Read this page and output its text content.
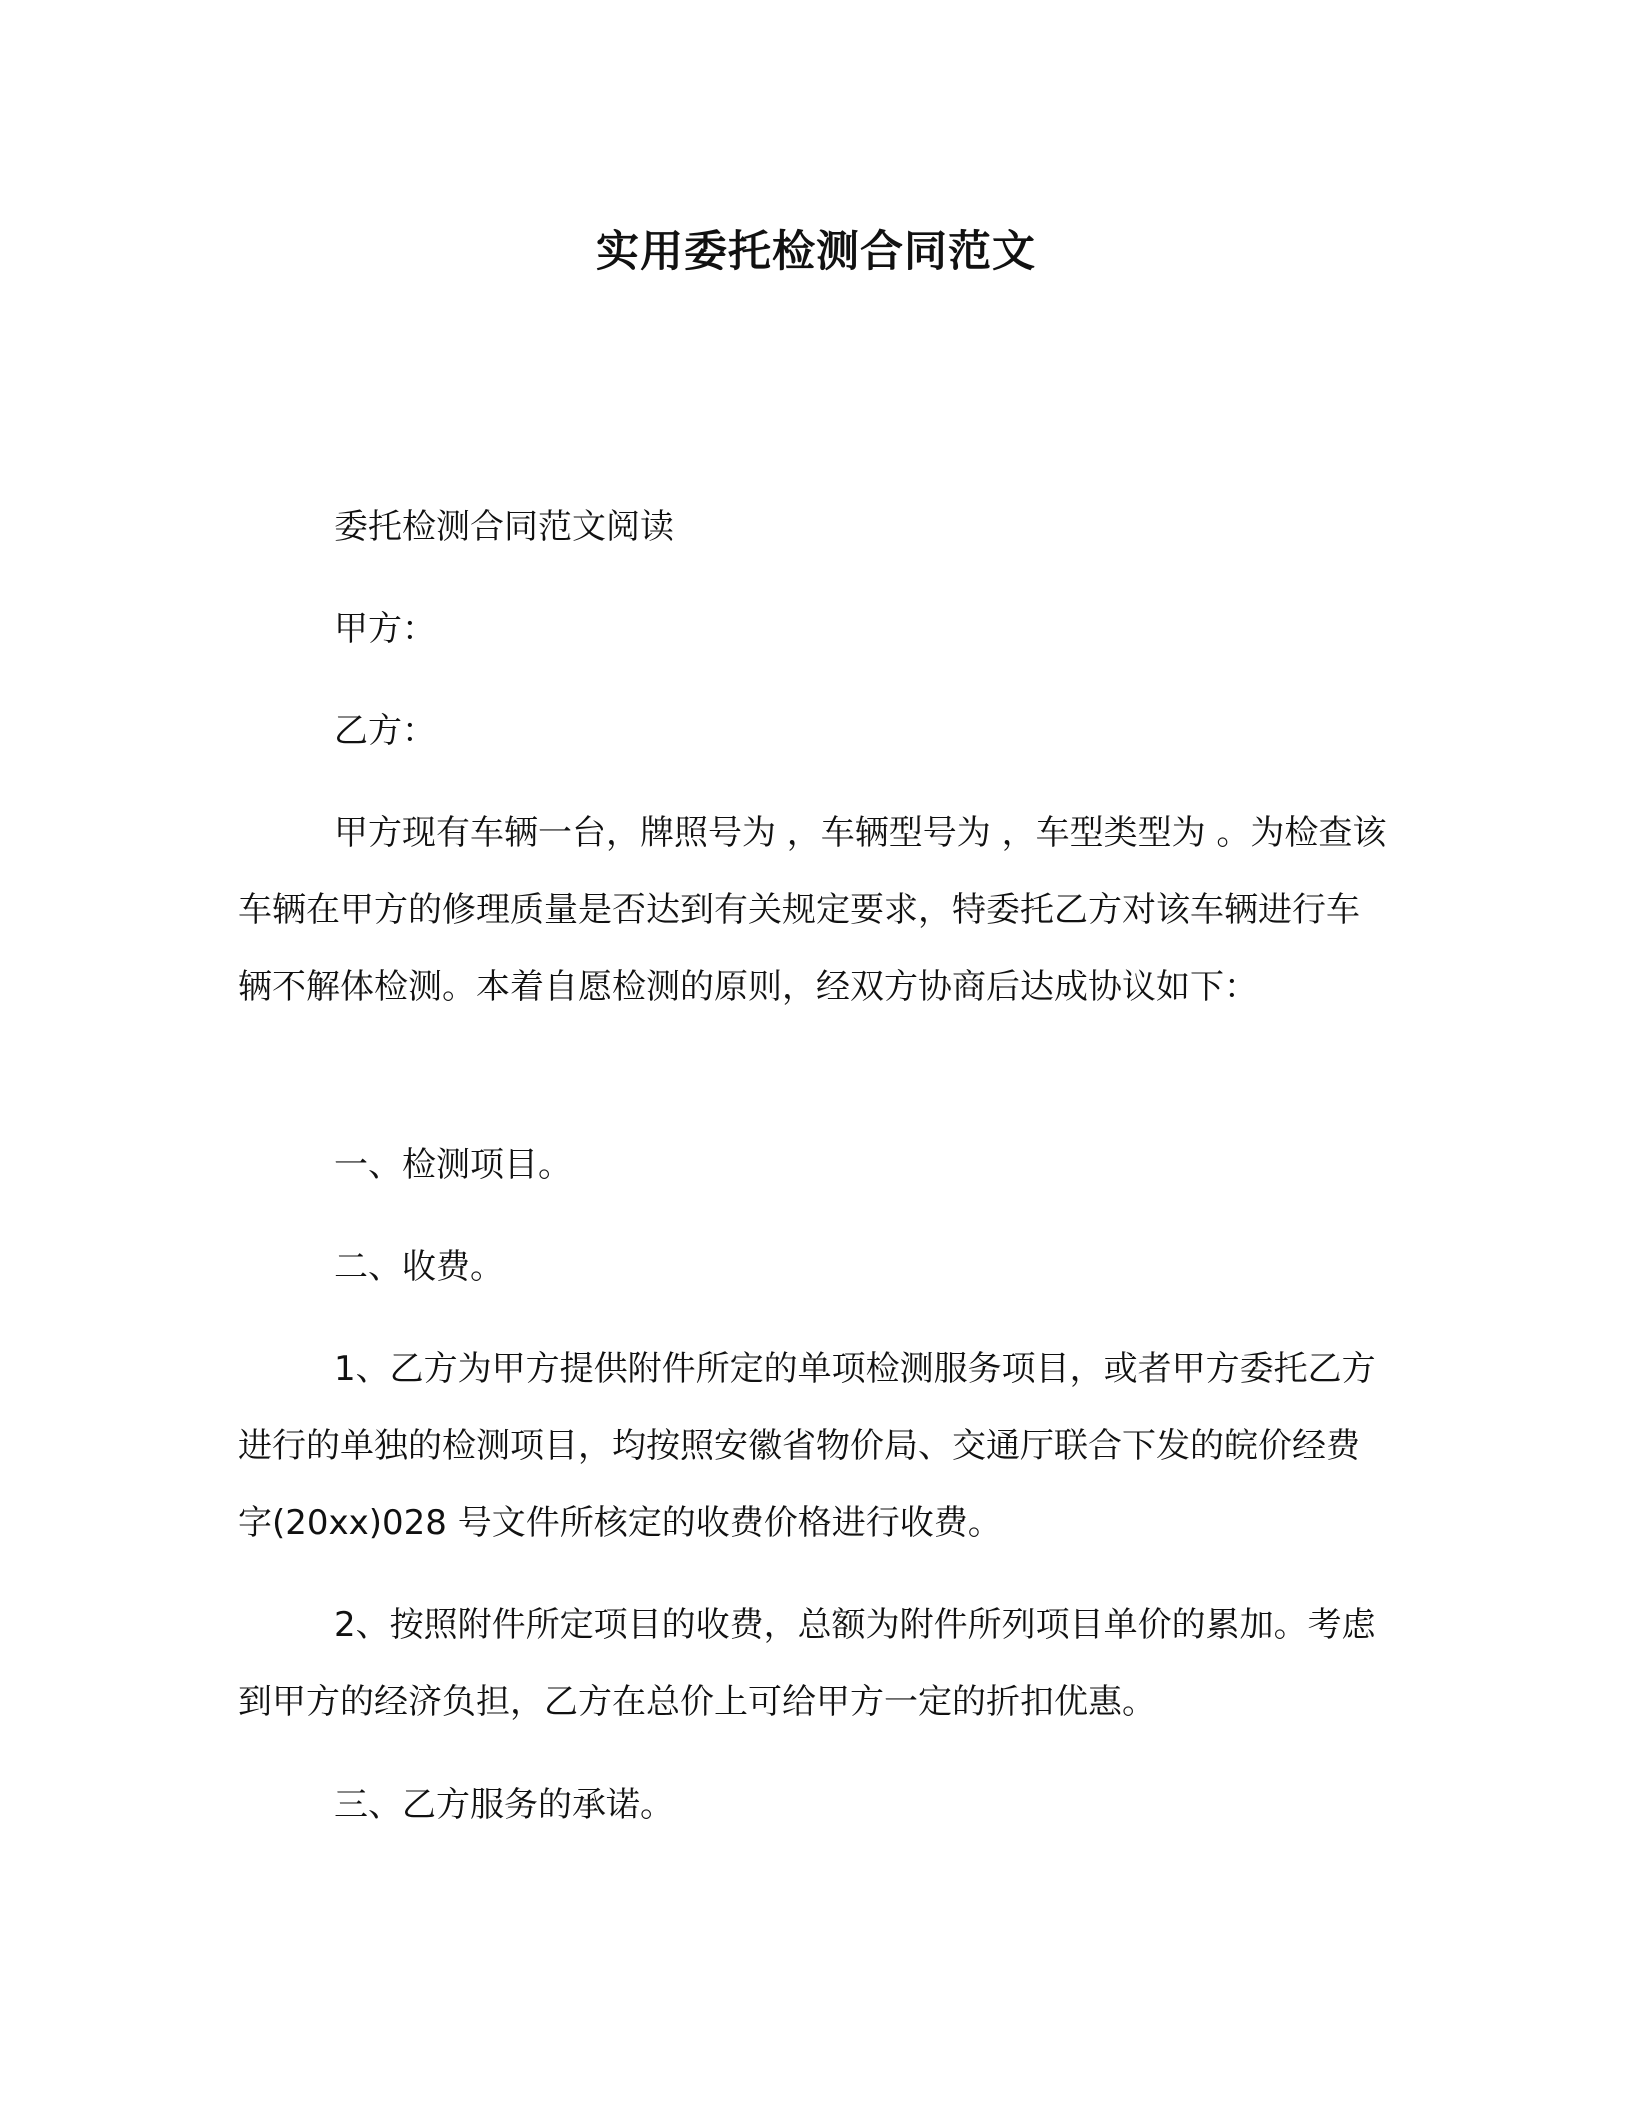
实用委托检测合同范文

委托检测合同范文阅读

甲方：

乙方：

甲方现有车辆一台，牌照号为 ，车辆型号为 ，车型类型为 。为检查该车辆在甲方的修理质量是否达到有关规定要求，特委托乙方对该车辆进行车辆不解体检测。本着自愿检测的原则，经双方协商后达成协议如下：

一、检测项目。

二、收费。

1、乙方为甲方提供附件所定的单项检测服务项目，或者甲方委托乙方进行的单独的检测项目，均按照安徽省物价局、交通厅联合下发的皖价经费字(20xx)028 号文件所核定的收费价格进行收费。

2、按照附件所定项目的收费，总额为附件所列项目单价的累加。考虑到甲方的经济负担，乙方在总价上可给甲方一定的折扣优惠。

三、乙方服务的承诺。
